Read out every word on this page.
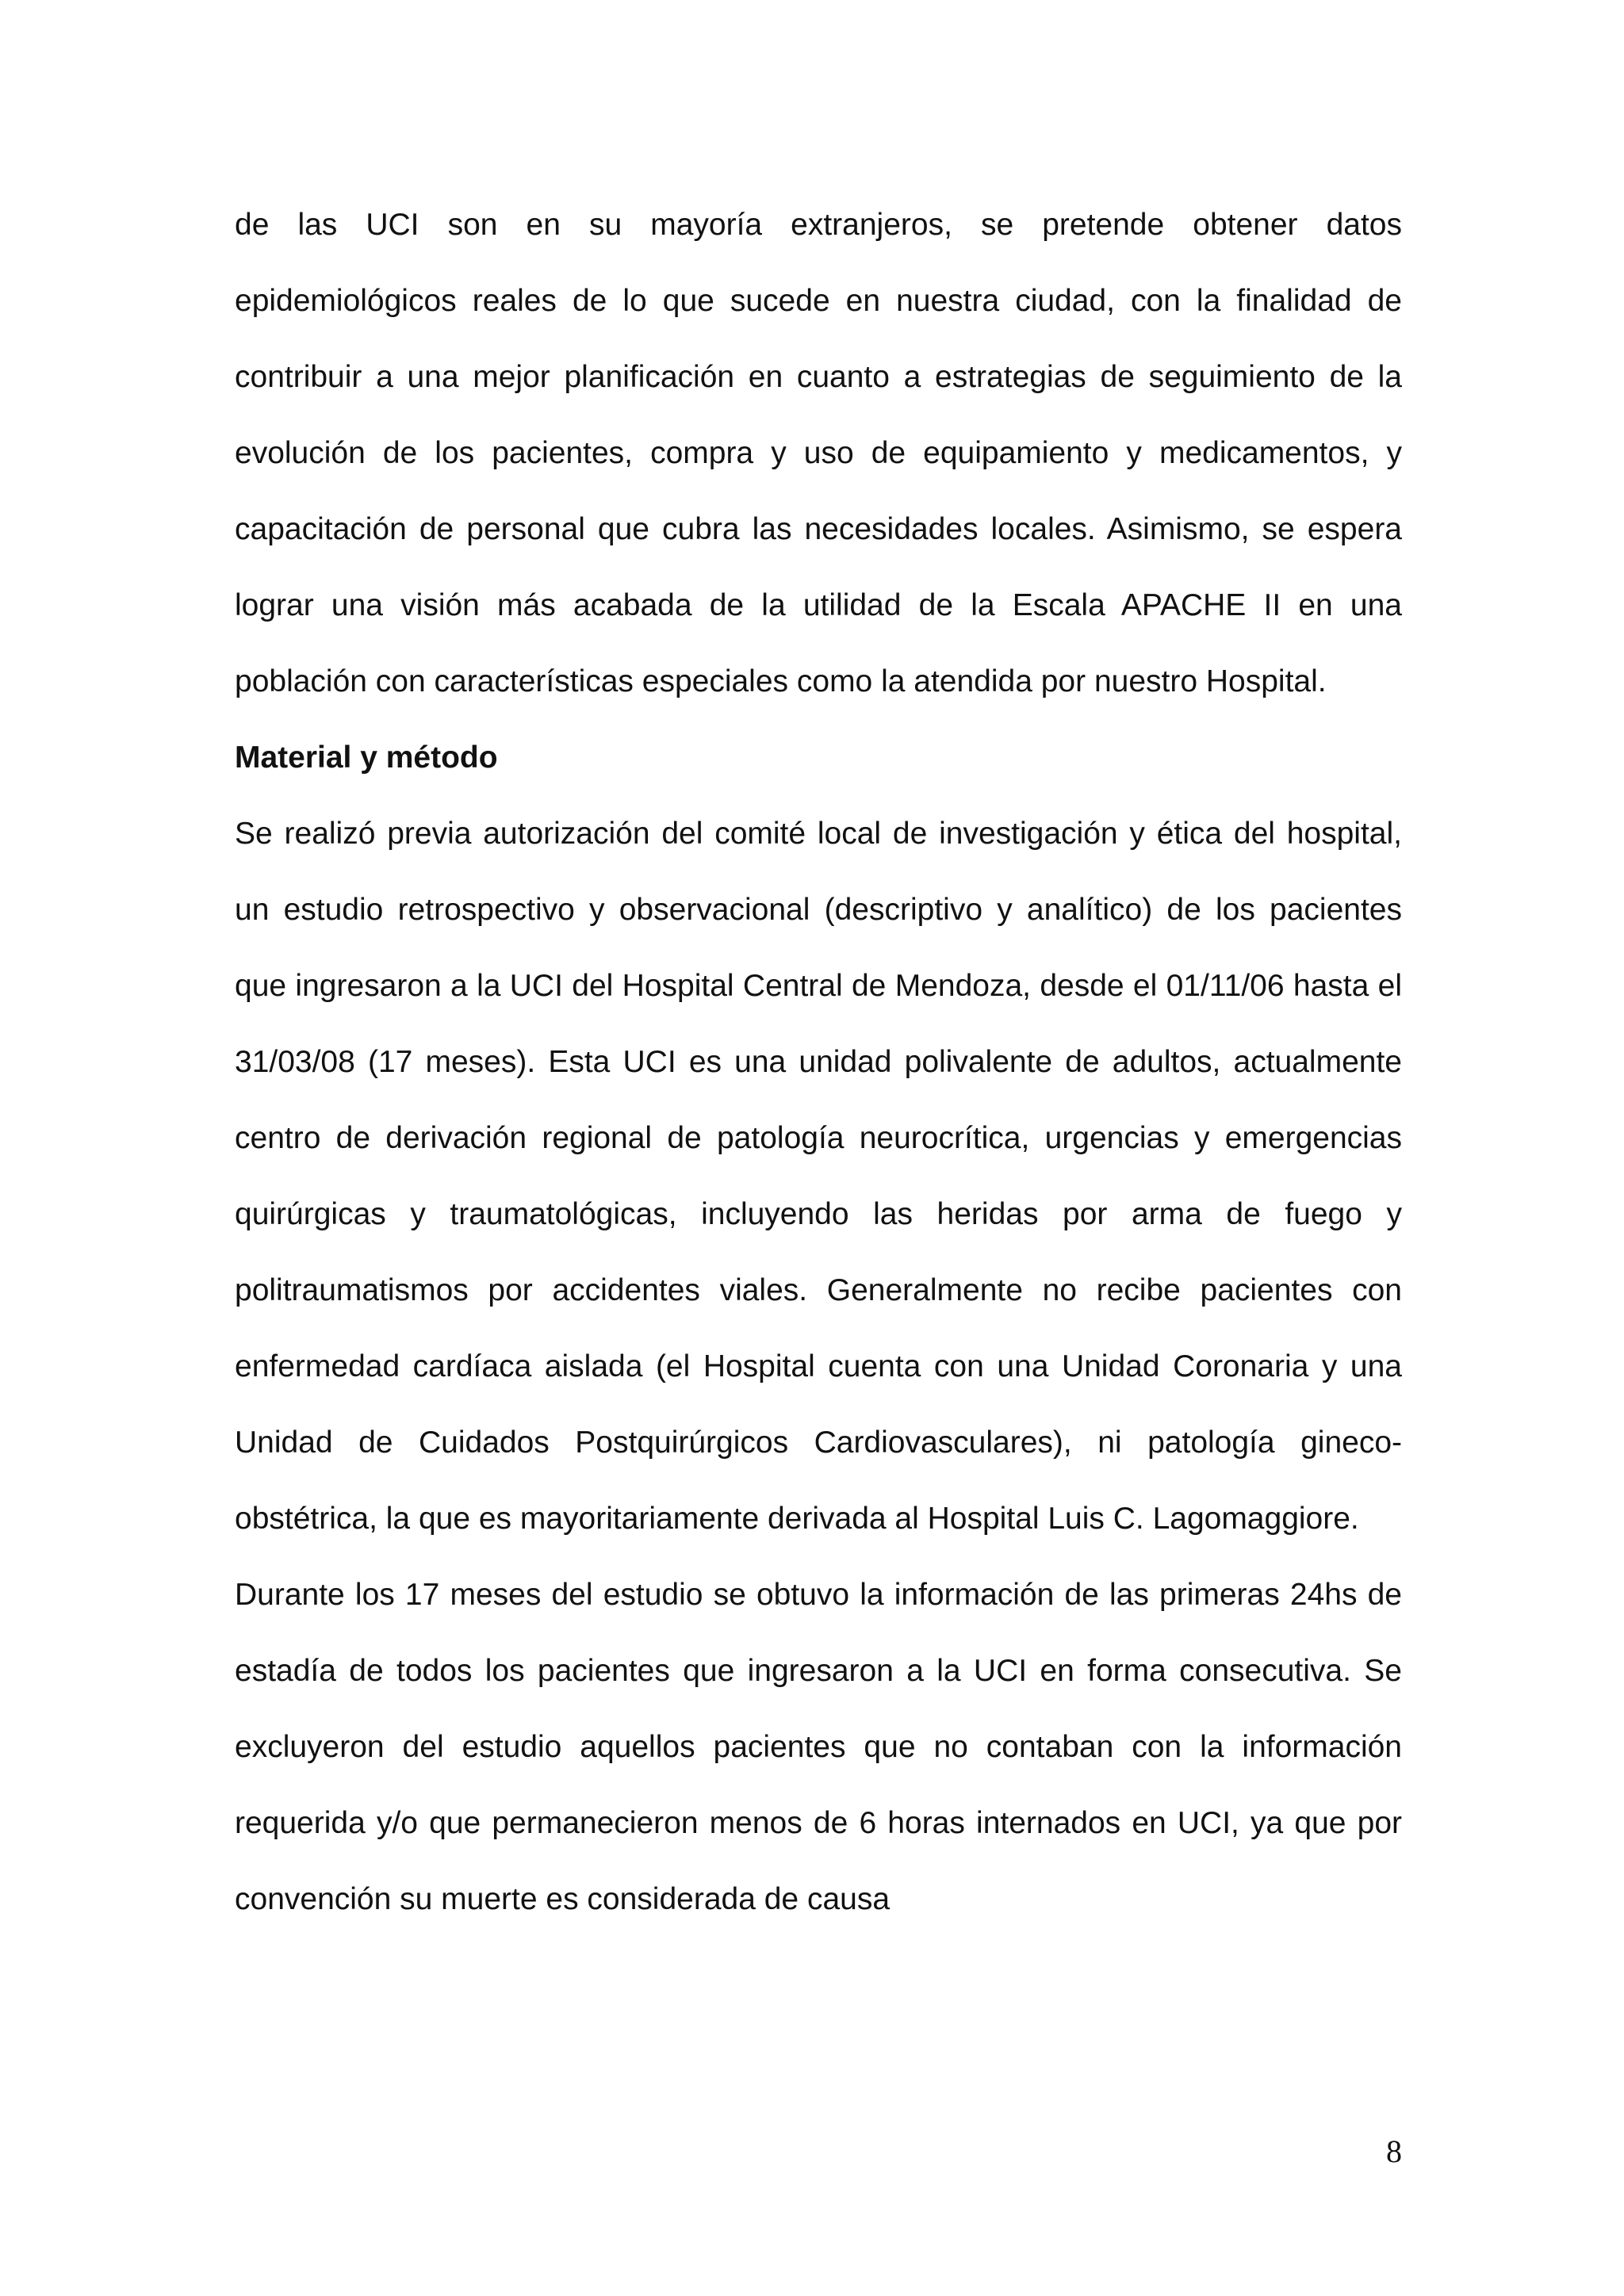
de las UCI son en su mayoría extranjeros, se pretende obtener datos epidemiológicos reales de lo que sucede en nuestra ciudad, con la finalidad de contribuir a una mejor planificación en cuanto a estrategias de seguimiento de la evolución de los pacientes, compra y uso de equipamiento y medicamentos, y capacitación de personal que cubra las necesidades locales. Asimismo, se espera lograr una visión más acabada de la utilidad de la Escala APACHE II en una población con características especiales como la atendida por nuestro Hospital.

Material y método

Se realizó previa autorización del comité local de investigación y ética del hospital, un estudio retrospectivo y observacional (descriptivo y analítico) de los pacientes que ingresaron a la UCI del Hospital Central de Mendoza, desde el 01/11/06 hasta el 31/03/08 (17 meses). Esta UCI es una unidad polivalente de adultos, actualmente centro de derivación regional de patología neurocrítica, urgencias y emergencias quirúrgicas y traumatológicas, incluyendo las heridas por arma de fuego y politraumatismos por accidentes viales. Generalmente no recibe pacientes con enfermedad cardíaca aislada (el Hospital cuenta con una Unidad Coronaria y una Unidad de Cuidados Postquirúrgicos Cardiovasculares), ni patología gineco-obstétrica, la que es mayoritariamente derivada al Hospital Luis C. Lagomaggiore.

Durante los 17 meses del estudio se obtuvo la información de las primeras 24hs de estadía de todos los pacientes que ingresaron a la UCI en forma consecutiva. Se excluyeron del estudio aquellos pacientes que no contaban con la información requerida y/o que permanecieron menos de 6 horas internados en UCI, ya que por convención su muerte es considerada de causa

8
